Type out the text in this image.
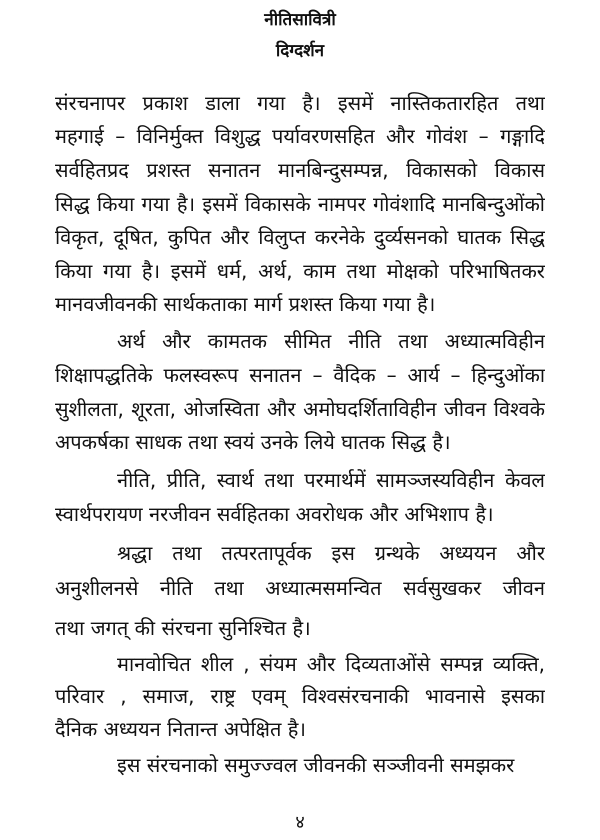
नीतिसावित्री
दिग्दर्शन
संरचनापर प्रकाश डाला गया है। इसमें नास्तिकतारहित तथा
महगाई – विनिर्मुक्त विशुद्ध पर्यावरणसहित और गोवंश – गङ्गादि
सर्वहितप्रद प्रशस्त सनातन मानबिन्दुसम्पन्न, विकासको विकास
सिद्ध किया गया है। इसमें विकासके नामपर गोवंशादि मानबिन्दुओंको
विकृत, दूषित, कुपित और विलुप्त करनेके दुर्व्यसनको घातक सिद्ध
किया गया है। इसमें धर्म, अर्थ, काम तथा मोक्षको परिभाषितकर
मानवजीवनकी सार्थकताका मार्ग प्रशस्त किया गया है।
अर्थ और कामतक सीमित नीति तथा अध्यात्मविहीन
शिक्षापद्धतिके फलस्वरूप सनातन – वैदिक – आर्य – हिन्दुओंका
सुशीलता, शूरता, ओजस्विता और अमोघदर्शिताविहीन जीवन विश्वके
अपकर्षका साधक तथा स्वयं उनके लिये घातक सिद्ध है।
नीति, प्रीति, स्वार्थ तथा परमार्थमें सामञ्जस्यविहीन केवल
स्वार्थपरायण नरजीवन सर्वहितका अवरोधक और अभिशाप है।
श्रद्धा तथा तत्परतापूर्वक इस ग्रन्थके अध्ययन और
अनुशीलनसे नीति तथा अध्यात्मसमन्वित सर्वसुखकर जीवन
तथा जगत् की संरचना सुनिश्चित है।
मानवोचित शील , संयम और दिव्यताओंसे सम्पन्न व्यक्ति,
परिवार , समाज, राष्ट्र एवम् विश्वसंरचनाकी भावनासे इसका
दैनिक अध्ययन नितान्त अपेक्षित है।
इस संरचनाको समुज्ज्वल जीवनकी सञ्जीवनी समझकर
४
